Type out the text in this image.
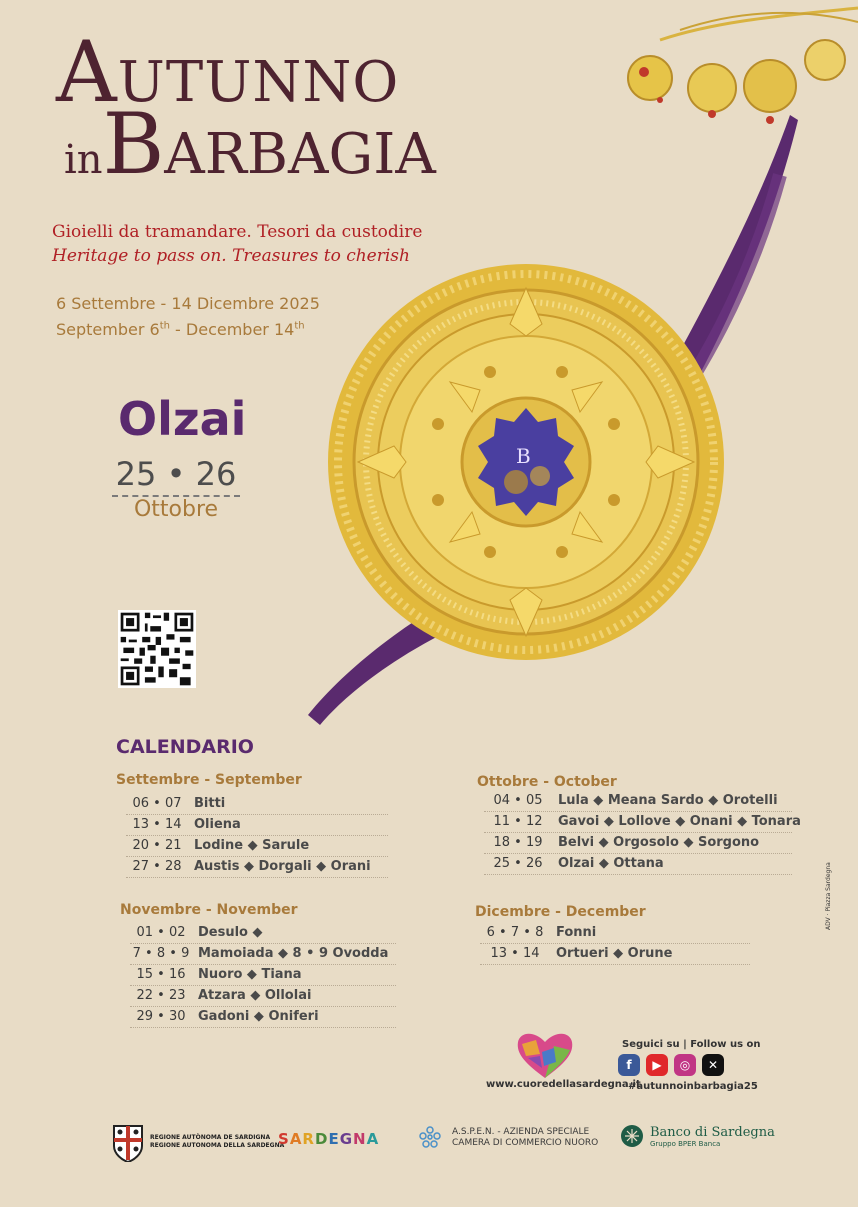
B
AUTUNNO
inBARBAGIA
Gioielli da tramandare. Tesori da custodire
Heritage to pass on. Treasures to cherish
6 Settembre - 14 Dicembre 2025
September 6th - December 14th
Olzai
25 • 26
Ottobre
CALENDARIO
Settembre - September
06 • 07 Bitti
13 • 14 Oliena
20 • 21 Lodine ◆ Sarule
27 • 28 Austis ◆ Dorgali ◆ Orani
Novembre - November
01 • 02 Desulo ◆
7 • 8 • 9 Mamoiada ◆ 8 • 9 Ovodda
15 • 16 Nuoro ◆ Tiana
22 • 23 Atzara ◆ Ollolai
29 • 30 Gadoni ◆ Oniferi
Ottobre - October
04 • 05	Lula ◆ Meana Sardo ◆ Orotelli
11 • 12	Gavoi ◆ Lollove ◆ Onani ◆ Tonara
18 • 19	Belvi ◆ Orgosolo ◆ Sorgono
25 • 26	Olzai ◆ Ottana
Dicembre - December
6 • 7 • 8 Fonni
13 • 14	Ortueri ◆ Orune
www.cuoredellasardegna.it
Seguici su | Follow us on
f	▶	◎	✕
#autunnoinbarbagia25
REGIONE AUTÒNOMA DE SARDIGNA
REGIONE AUTONOMA DELLA SARDEGNA
SARDEGNA	A.S.P.E.N. - AZIENDA SPECIALE
CAMERA DI COMMERCIO NUORO
Banco di Sardegna
Gruppo BPER Banca
ADV · Piazza Sardegna
